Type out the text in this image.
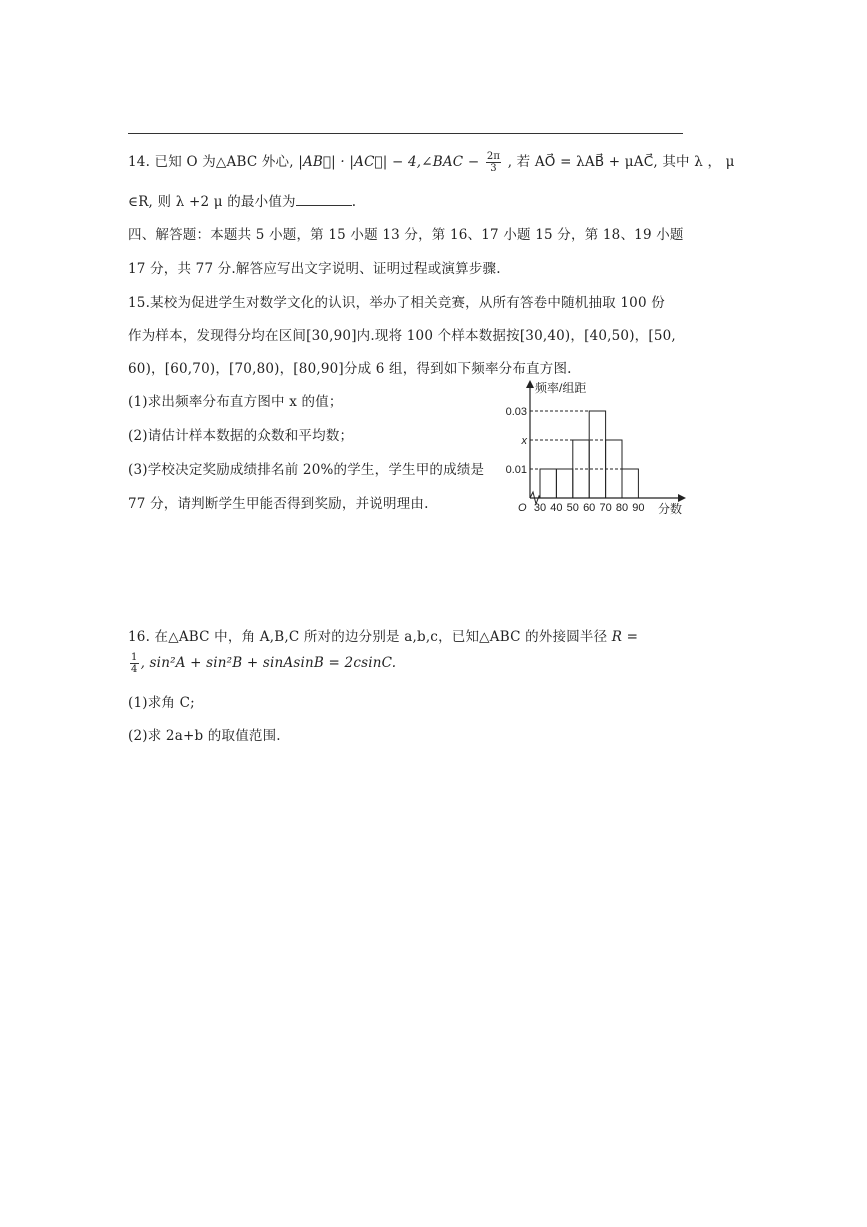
14. 已知 O 为△ABC 外心, |AB⃗| · |AC⃗| − 4,∠BAC − $\frac{2\pi}{3}$ , 若 AO⃗ = λAB⃗ + μAC⃗, 其中 λ ， μ
∈R, 则 λ +2 μ 的最小值为	.
四、解答题：本题共 5 小题，第 15 小题 13 分，第 16、17 小题 15 分，第 18、19 小题
17 分，共 77 分.解答应写出文字说明、证明过程或演算步骤.
15.某校为促进学生对数学文化的认识，举办了相关竞赛，从所有答卷中随机抽取 100 份
作为样本，发现得分均在区间[30,90]内.现将 100 个样本数据按[30,40)，[40,50)，[50,
60)，[60,70)，[70,80)，[80,90]分成 6 组，得到如下频率分布直方图.
(1)求出频率分布直方图中 x 的值；
(2)请估计样本数据的众数和平均数；
(3)学校决定奖励成绩排名前 20%的学生，学生甲的成绩是
77 分，请判断学生甲能否得到奖励，并说明理由.
0.03
x
0.01
30 40 50 60 70 80 90
O
频率/组距
分数
16. 在△ABC 中，角 A,B,C 所对的边分别是 a,b,c，已知△ABC 的外接圆半径 R =
$\frac{1}{4}$ , sin²A + sin²B + sinAsinB = 2csinC.
(1)求角 C;
(2)求 2a+b 的取值范围.
